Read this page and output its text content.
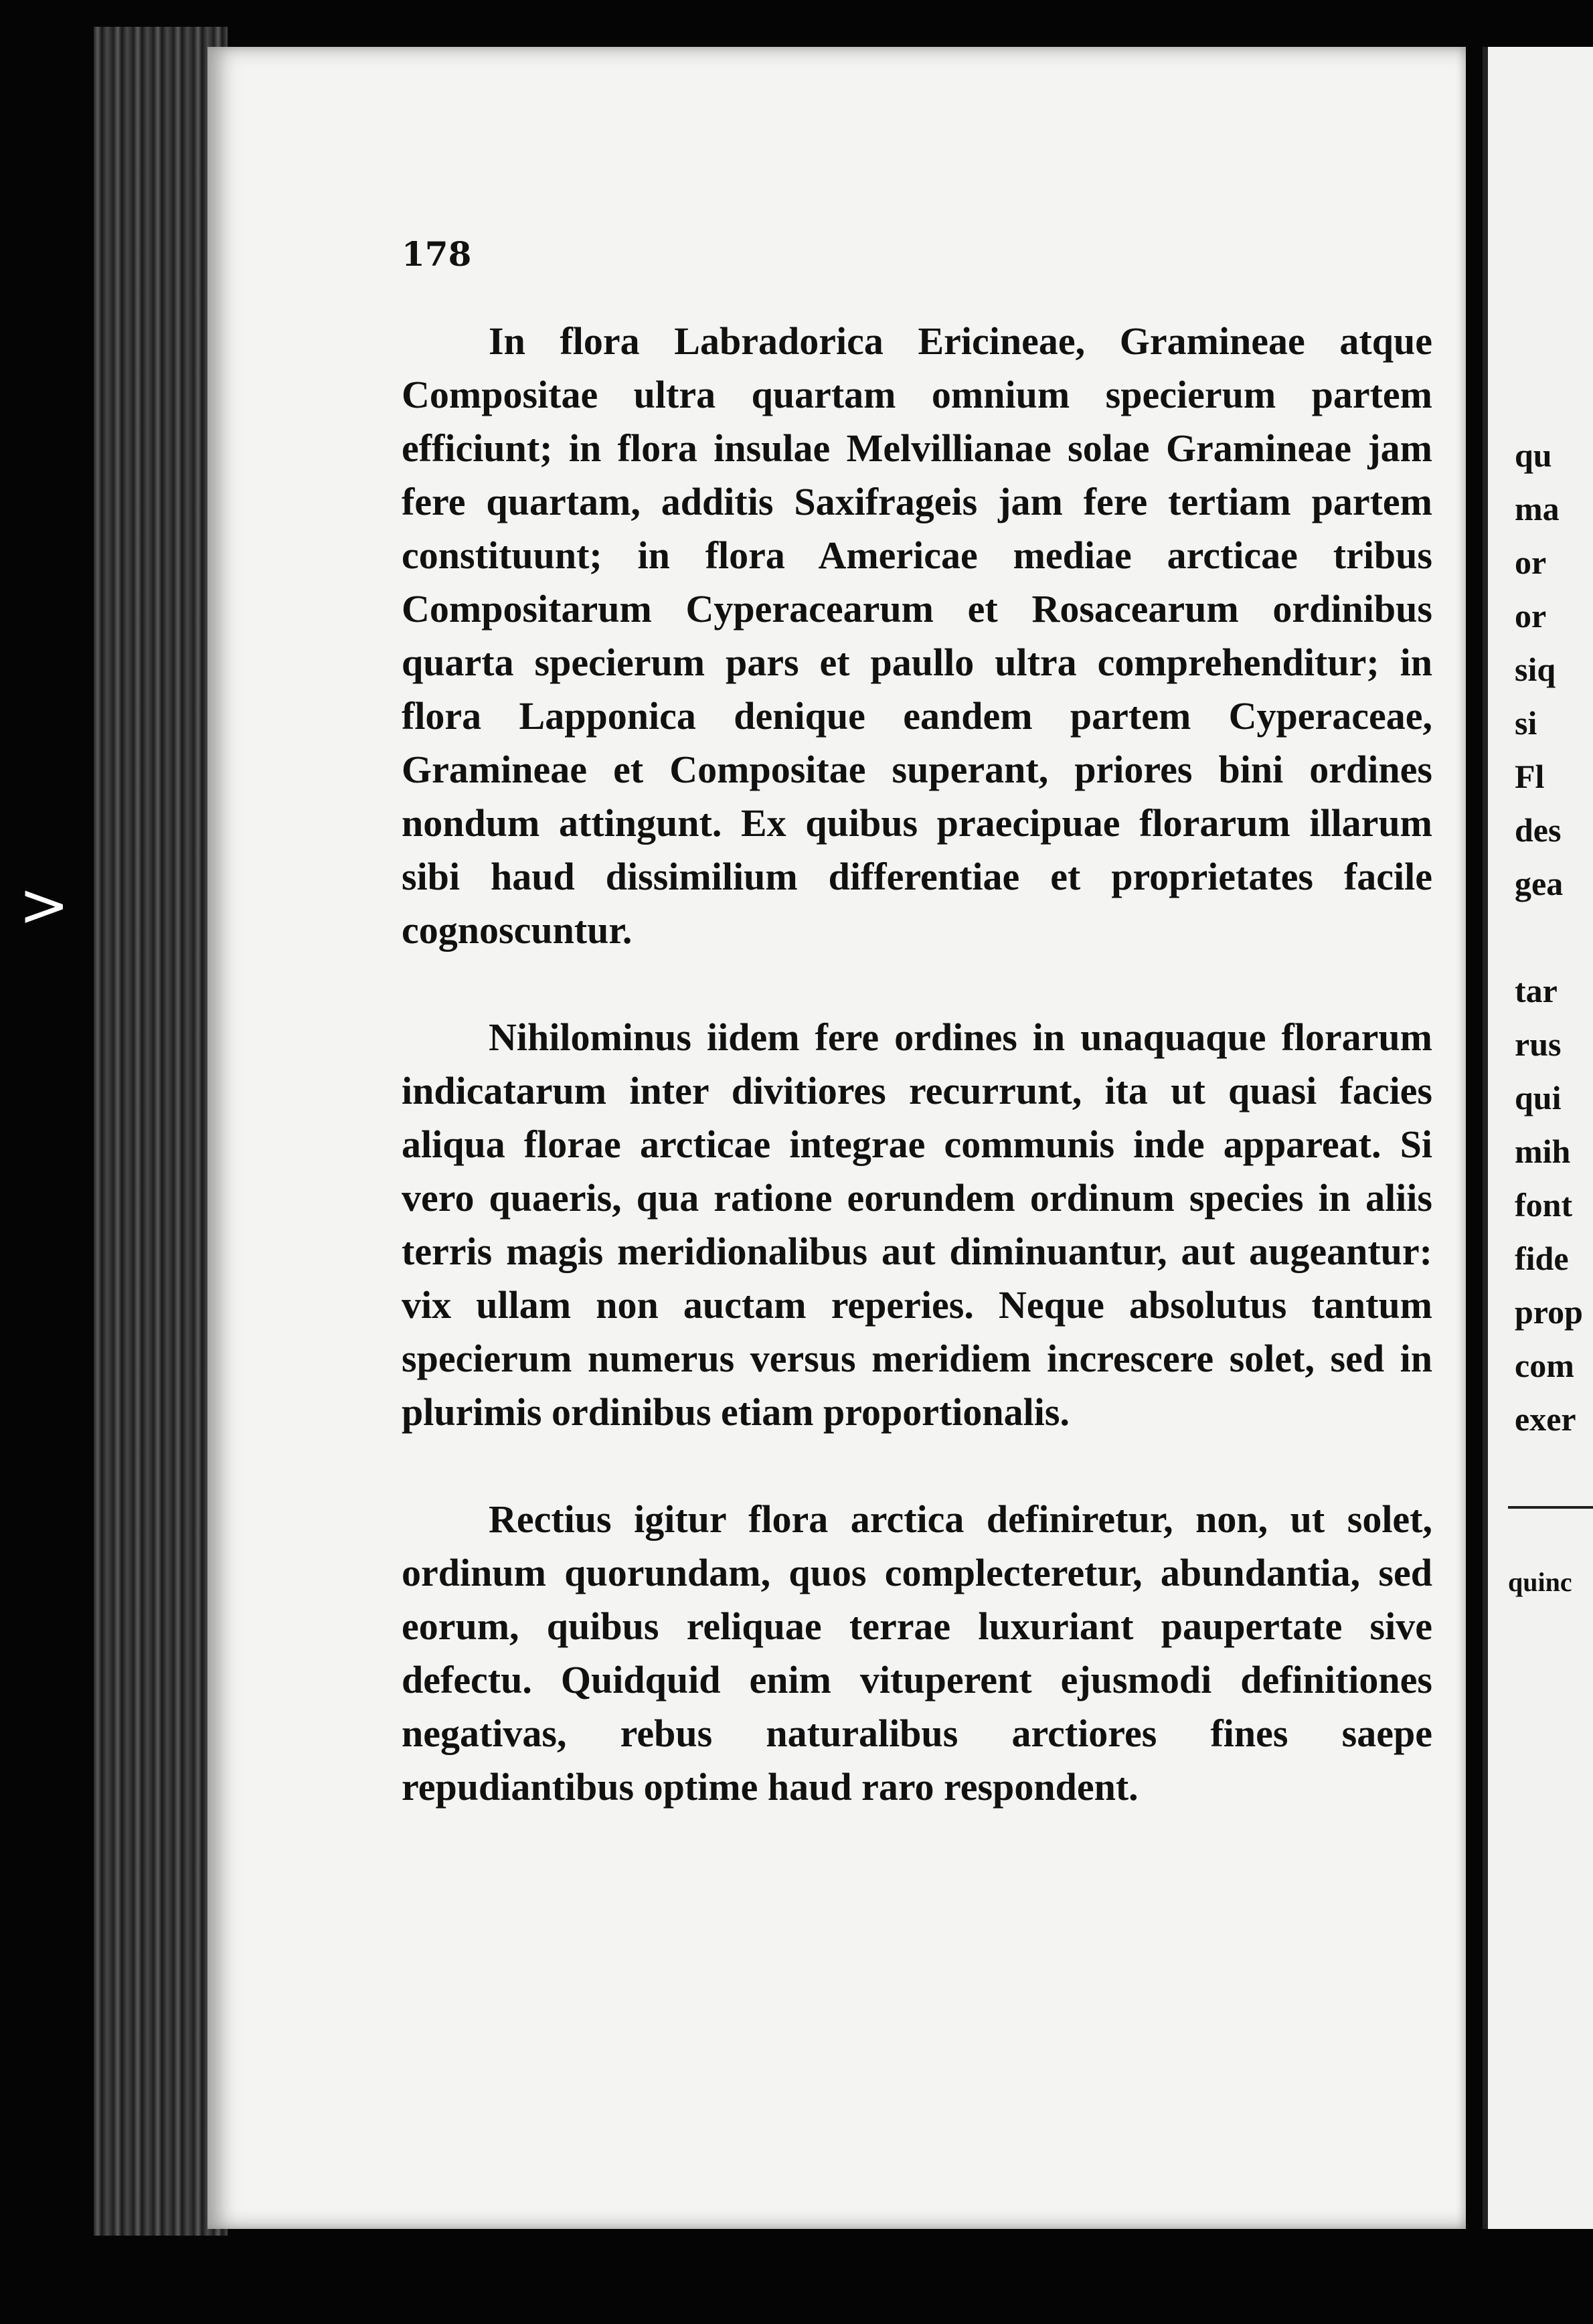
>
178

In flora Labradorica Ericineae, Gramineae atque Compositae ultra quartam omnium specierum partem efficiunt; in flora insulae Melvillianae solae Gramineae jam fere quartam, additis Saxifrageis jam fere tertiam partem constituunt; in flora Americae mediae arcticae tribus Compositarum Cyperacearum et Rosacearum ordinibus quarta specierum pars et paullo ultra comprehenditur; in flora Lapponica denique eandem partem Cyperaceae, Gramineae et Compositae superant, priores bini ordines nondum attingunt. Ex quibus praecipuae florarum illarum sibi haud dissimilium differentiae et proprietates facile cognoscuntur.

Nihilominus iidem fere ordines in unaquaque florarum indicatarum inter divitiores recurrunt, ita ut quasi facies aliqua florae arcticae integrae communis inde appareat. Si vero quaeris, qua ratione eorundem ordinum species in aliis terris magis meridionalibus aut diminuantur, aut augeantur: vix ullam non auctam reperies. Neque absolutus tantum specierum numerus versus meridiem increscere solet, sed in plurimis ordinibus etiam proportionalis.

Rectius igitur flora arctica definiretur, non, ut solet, ordinum quorundam, quos complecteretur, abundantia, sed eorum, quibus reliquae terrae luxuriant paupertate sive defectu. Quidquid enim vituperent ejusmodi definitiones negativas, rebus naturalibus arctiores fines saepe repudiantibus optime haud raro respondent.

qu
ma
or
or
siq
si
Fl
des
gea
tar
rus
qui
mih
font
fide
prop
com
exer
quinc
